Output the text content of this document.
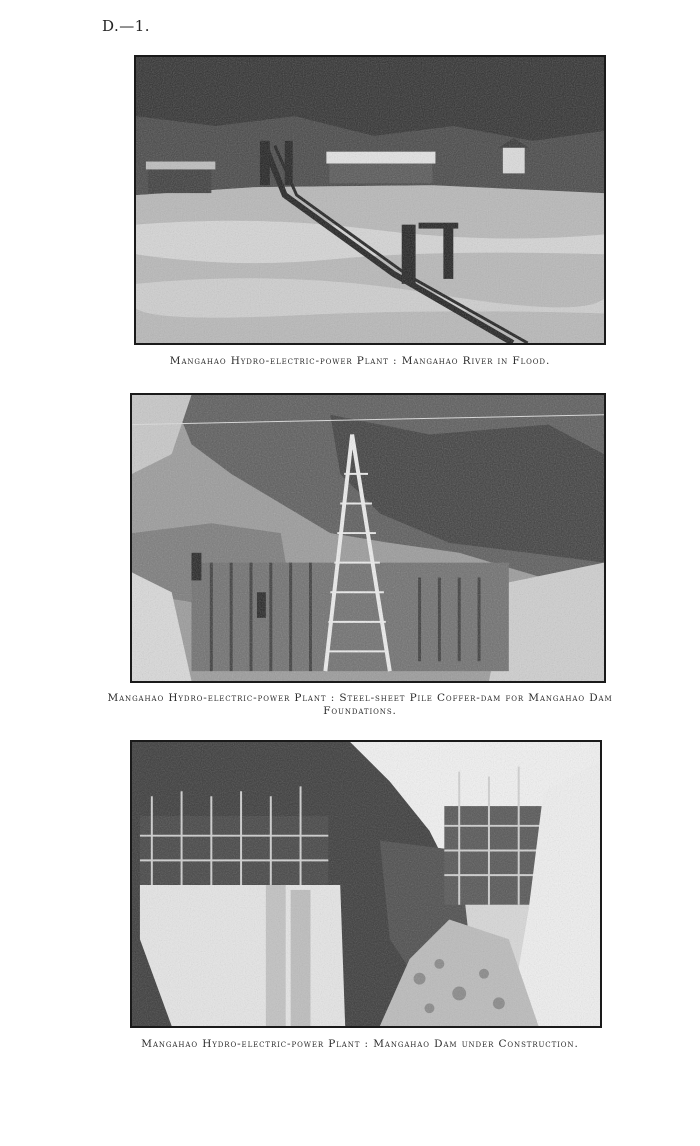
D.—1.
Mangahao Hydro-electric-power Plant : Mangahao River in Flood.
Mangahao Hydro-electric-power Plant : Steel-sheet Pile Coffer-dam for Mangahao Dam Foundations.
Mangahao Hydro-electric-power Plant : Mangahao Dam under Construction.
